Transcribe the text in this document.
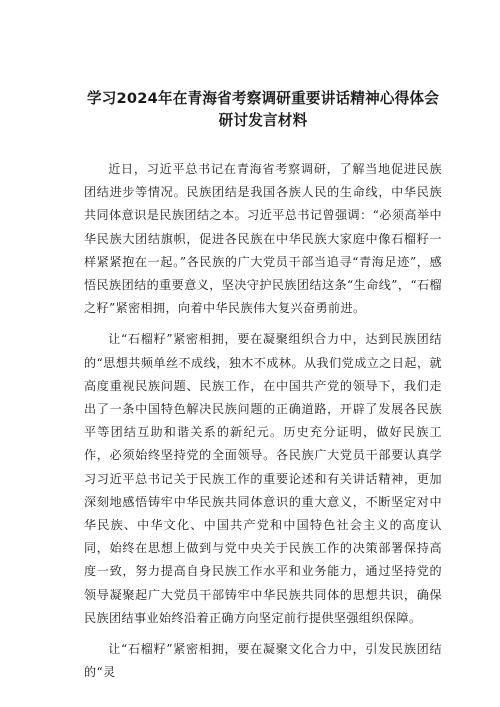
学习2024年在青海省考察调研重要讲话精神心得体会研讨发言材料

近日，习近平总书记在青海省考察调研，了解当地促进民族团结进步等情况。民族团结是我国各族人民的生命线，中华民族共同体意识是民族团结之本。习近平总书记曾强调：“必须高举中华民族大团结旗帜，促进各民族在中华民族大家庭中像石榴籽一样紧紧抱在一起。”各民族的广大党员干部当追寻“青海足迹”，感悟民族团结的重要意义，坚决守护民族团结这条“生命线”，“石榴之籽”紧密相拥，向着中华民族伟大复兴奋勇前进。

让“石榴籽”紧密相拥，要在凝聚组织合力中，达到民族团结的“思想共频单丝不成线，独木不成林。从我们党成立之日起，就高度重视民族问题、民族工作，在中国共产党的领导下，我们走出了一条中国特色解决民族问题的正确道路，开辟了发展各民族平等团结互助和谐关系的新纪元。历史充分证明，做好民族工作，必须始终坚持党的全面领导。各民族广大党员干部要认真学习习近平总书记关于民族工作的重要论述和有关讲话精神，更加深刻地感悟铸牢中华民族共同体意识的重大意义，不断坚定对中华民族、中华文化、中国共产党和中国特色社会主义的高度认同，始终在思想上做到与党中央关于民族工作的决策部署保持高度一致，努力提高自身民族工作水平和业务能力，通过坚持党的领导凝聚起广大党员干部铸牢中华民族共同体的思想共识，确保民族团结事业始终沿着正确方向坚定前行提供坚强组织保障。

让“石榴籽”紧密相拥，要在凝聚文化合力中，引发民族团结的“灵
